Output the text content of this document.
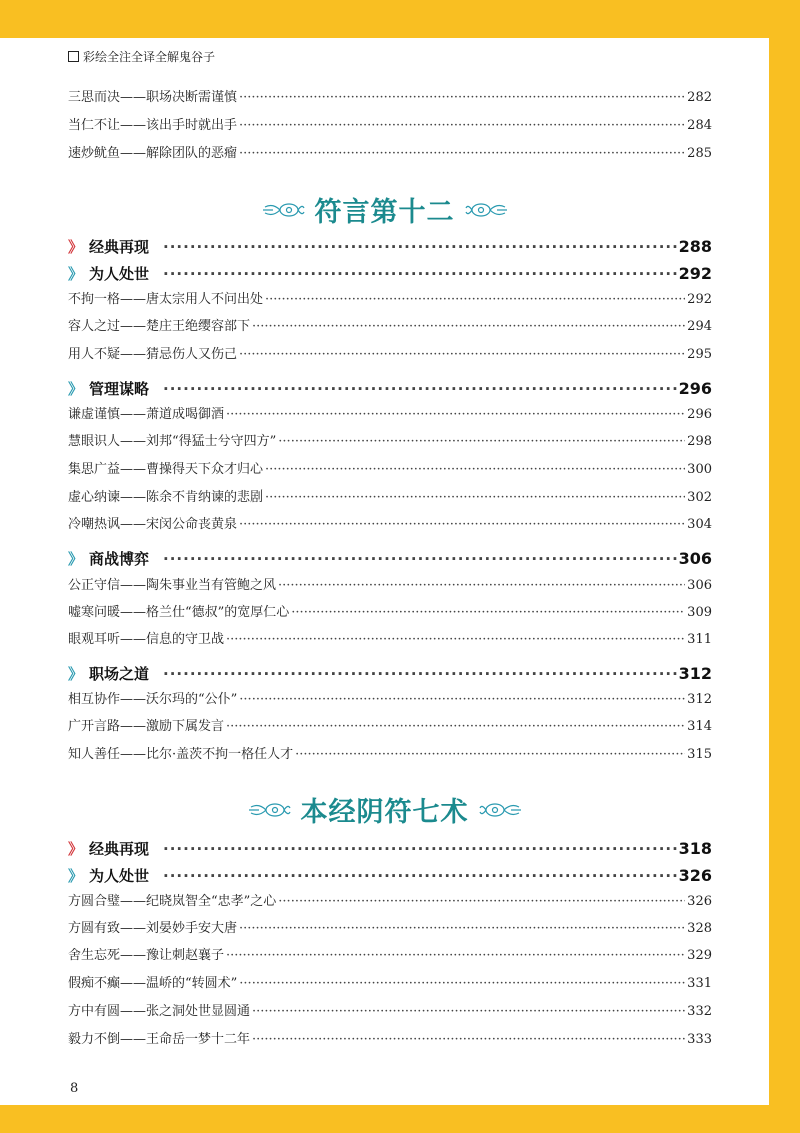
彩绘全注全译全解鬼谷子
三思而决——职场决断需谨慎 ·····	282
当仁不让——该出手时就出手 ·····	284
速炒鱿鱼——解除团队的恶瘤 ·····	285
符言第十二
》 经典再现 ·····	288
》 为人处世 ·····	292
不拘一格——唐太宗用人不问出处 ·····	292
容人之过——楚庄王绝缨容部下 ·····	294
用人不疑——猜忌伤人又伤己 ·····	295
》 管理谋略 ·····	296
谦虚谨慎——萧道成喝御酒 ·····	296
慧眼识人——刘邦“得猛士兮守四方” ·····	298
集思广益——曹操得天下众才归心 ·····	300
虚心纳谏——陈余不肯纳谏的悲剧 ·····	302
冷嘲热讽——宋闵公命丧黄泉 ·····	304
》 商战博弈 ·····	306
公正守信——陶朱事业当有管鲍之风 ·····	306
嘘寒问暖——格兰仕“德叔”的宽厚仁心 ·····	309
眼观耳听——信息的守卫战 ·····	311
》 职场之道 ·····	312
相互协作——沃尔玛的“公仆” ·····	312
广开言路——激励下属发言 ·····	314
知人善任——比尔·盖茨不拘一格任人才 ·····	315
本经阴符七术
》 经典再现 ·····	318
》 为人处世 ·····	326
方圆合璧——纪晓岚智全“忠孝”之心 ·····	326
方圆有致——刘晏妙手安大唐 ·····	328
舍生忘死——豫让刺赵襄子 ·····	329
假痴不癫——温峤的“转圆术” ·····	331
方中有圆——张之洞处世显圆通 ·····	332
毅力不倒——王命岳一梦十二年 ·····	333
8
